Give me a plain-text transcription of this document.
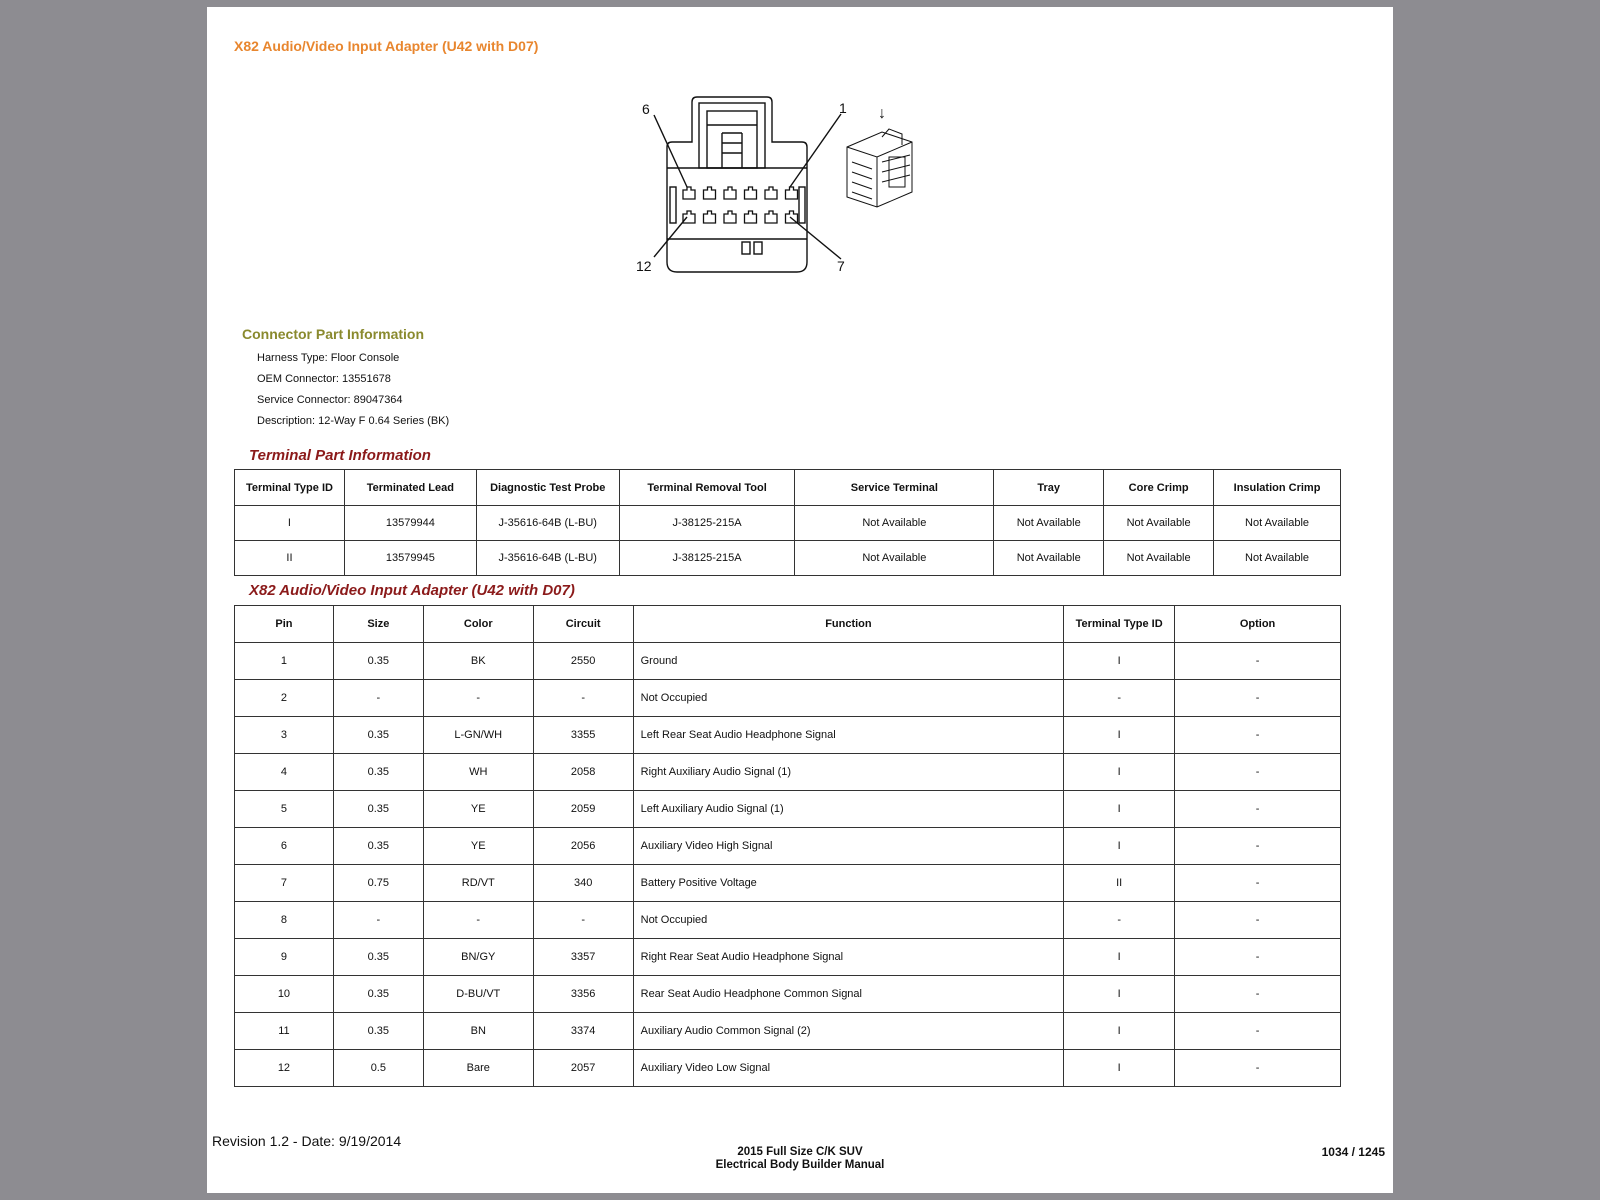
X82 Audio/Video Input Adapter (U42 with D07)
6	1
12	7
↓
Connector Part Information
Harness Type: Floor Console
OEM Connector: 13551678
Service Connector: 89047364
Description: 12-Way F 0.64 Series (BK)
Terminal Part Information
Terminal Type ID	Terminated Lead	Diagnostic Test Probe	Terminal Removal Tool	Service Terminal	Tray	Core Crimp	Insulation Crimp
I	13579944	J-35616-64B (L-BU)	J-38125-215A	Not Available	Not Available	Not Available	Not Available
II	13579945	J-35616-64B (L-BU)	J-38125-215A	Not Available	Not Available	Not Available	Not Available
X82 Audio/Video Input Adapter (U42 with D07)
Pin	Size	Color	Circuit	Function	Terminal Type ID	Option
1	0.35	BK	2550	Ground	I	-
2	-	-	-	Not Occupied	-	-
3	0.35	L-GN/WH	3355	Left Rear Seat Audio Headphone Signal	I	-
4	0.35	WH	2058	Right Auxiliary Audio Signal (1)	I	-
5	0.35	YE	2059	Left Auxiliary Audio Signal (1)	I	-
6	0.35	YE	2056	Auxiliary Video High Signal	I	-
7	0.75	RD/VT	340	Battery Positive Voltage	II	-
8	-	-	-	Not Occupied	-	-
9	0.35	BN/GY	3357	Right Rear Seat Audio Headphone Signal	I	-
10	0.35	D-BU/VT	3356	Rear Seat Audio Headphone Common Signal	I	-
11	0.35	BN	3374	Auxiliary Audio Common Signal (2)	I	-
12	0.5	Bare	2057	Auxiliary Video Low Signal	I	-
Revision 1.2 - Date: 9/19/2014
2015 Full Size C/K SUV
Electrical Body Builder Manual
1034 / 1245
